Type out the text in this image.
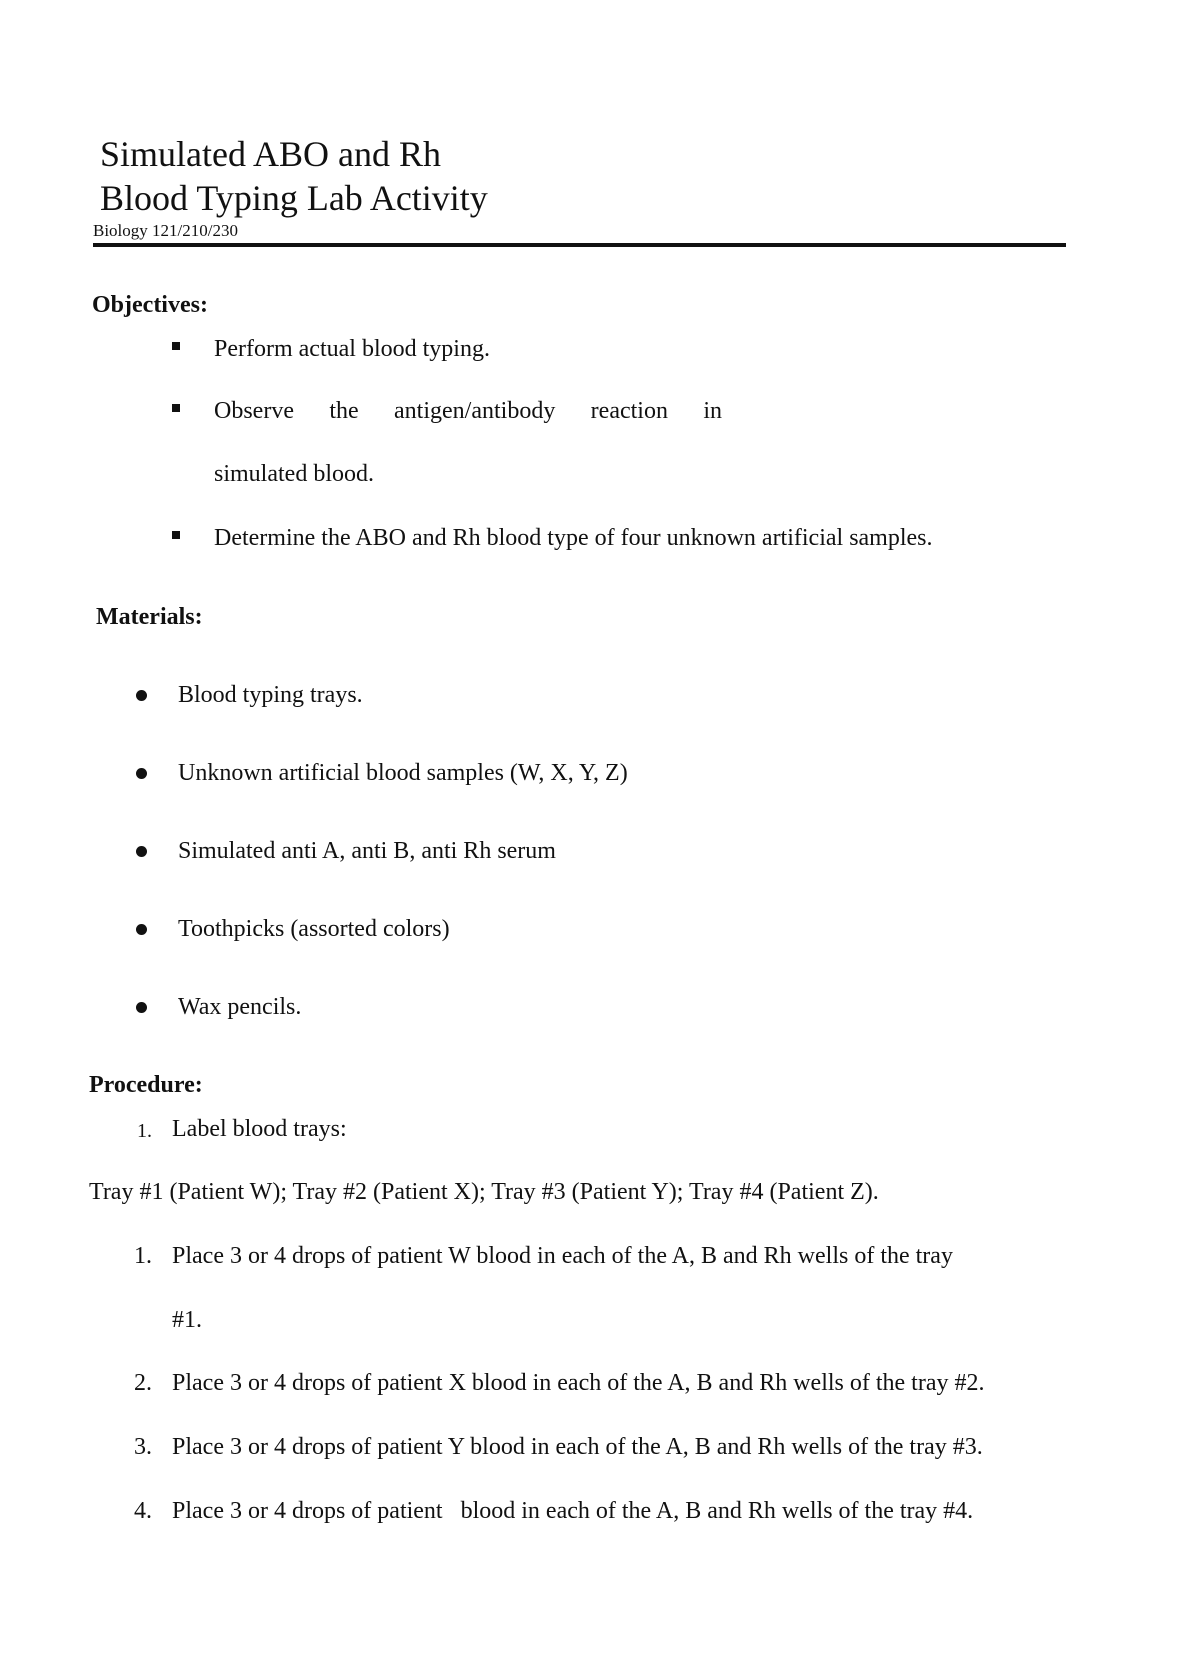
Simulated ABO and Rh
Blood Typing Lab Activity
Biology 121/210/230
Objectives:
Perform actual blood typing.
Observe the antigen/antibody reaction in
simulated blood.
Determine the ABO and Rh blood type of four unknown artificial samples.
Materials:
Blood typing trays.
Unknown artificial blood samples (W, X, Y, Z)
Simulated anti A, anti B, anti Rh serum
Toothpicks (assorted colors)
Wax pencils.
Procedure:
1. Label blood trays:
Tray #1 (Patient W); Tray #2 (Patient X); Tray #3 (Patient Y); Tray #4 (Patient Z).
1. Place 3 or 4 drops of patient W blood in each of the A, B and Rh wells of the tray
#1.
2. Place 3 or 4 drops of patient X blood in each of the A, B and Rh wells of the tray #2.
3. Place 3 or 4 drops of patient Y blood in each of the A, B and Rh wells of the tray #3.
4. Place 3 or 4 drops of patient   blood in each of the A, B and Rh wells of the tray #4.
